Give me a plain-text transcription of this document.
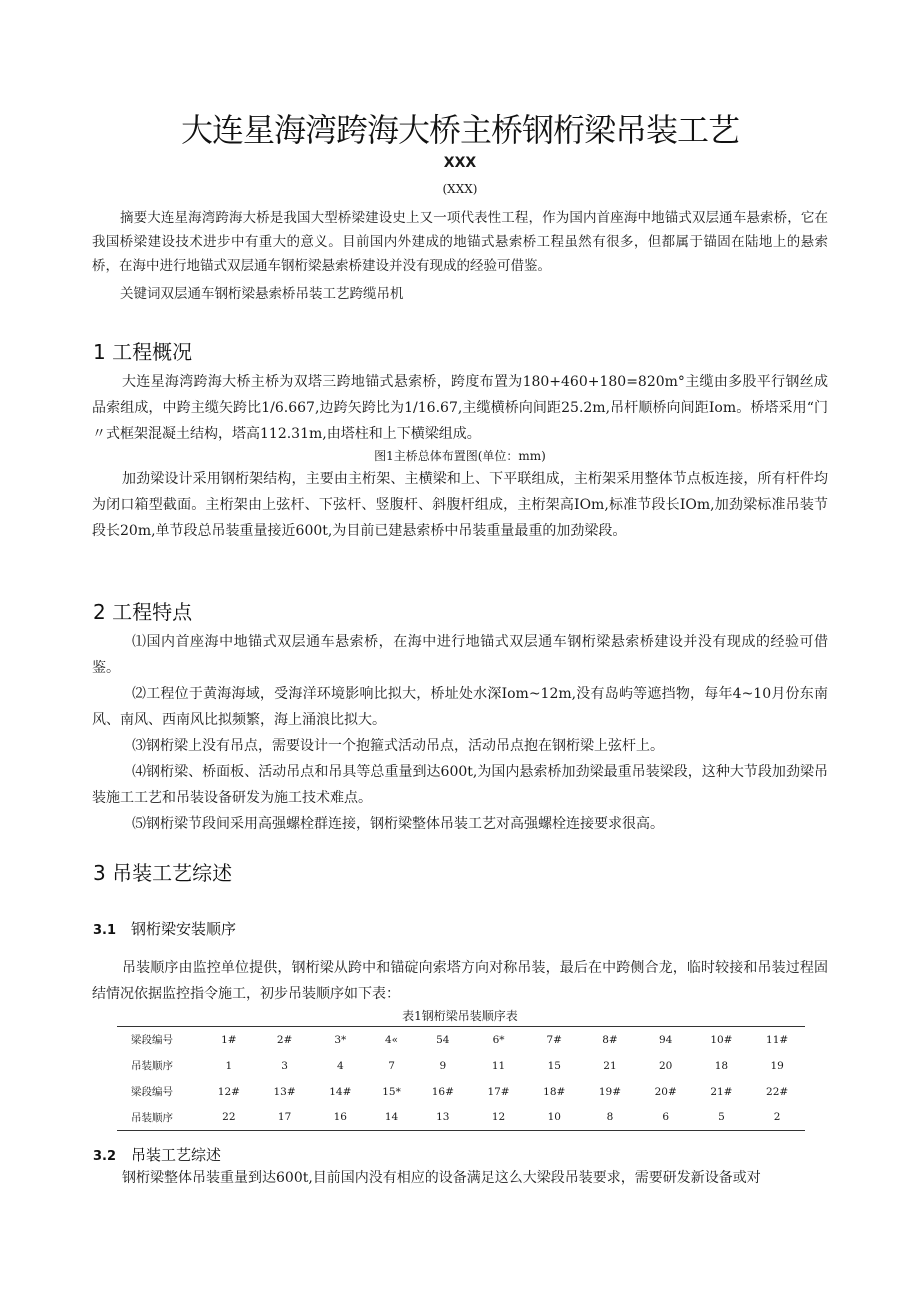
大连星海湾跨海大桥主桥钢桁梁吊装工艺
XXX
(XXX)

摘要大连星海湾跨海大桥是我国大型桥梁建设史上又一项代表性工程，作为国内首座海中地锚式双层通车悬索桥，它在我国桥梁建设技术进步中有重大的意义。目前国内外建成的地锚式悬索桥工程虽然有很多，但都属于锚固在陆地上的悬索桥，在海中进行地锚式双层通车钢桁梁悬索桥建设并没有现成的经验可借鉴。

关键词双层通车钢桁梁悬索桥吊装工艺跨缆吊机

1 工程概况

大连星海湾跨海大桥主桥为双塔三跨地锚式悬索桥，跨度布置为180+460+180=820m°主缆由多股平行钢丝成品索组成，中跨主缆矢跨比1/6.667,边跨矢跨比为1/16.67,主缆横桥向间距25.2m,吊杆顺桥向间距Iom。桥塔采用“门〃式框架混凝土结构，塔高112.31m,由塔柱和上下横梁组成。

图1主桥总体布置图(单位：mm)

加劲梁设计采用钢桁架结构，主要由主桁架、主横梁和上、下平联组成，主桁架采用整体节点板连接，所有杆件均为闭口箱型截面。主桁架由上弦杆、下弦杆、竖腹杆、斜腹杆组成，主桁架高IOm,标准节段长IOm,加劲梁标准吊装节段长20m,单节段总吊装重量接近600t,为目前已建悬索桥中吊装重量最重的加劲梁段。

2 工程特点
⑴国内首座海中地锚式双层通车悬索桥，在海中进行地锚式双层通车钢桁梁悬索桥建设并没有现成的经验可借鉴。
⑵工程位于黄海海域，受海洋环境影响比拟大，桥址处水深Iom~12m,没有岛屿等遮挡物，每年4~10月份东南风、南风、西南风比拟频繁，海上涌浪比拟大。
⑶钢桁梁上没有吊点，需要设计一个抱箍式活动吊点，活动吊点抱在钢桁梁上弦杆上。
⑷钢桁梁、桥面板、活动吊点和吊具等总重量到达600t,为国内悬索桥加劲梁最重吊装梁段，这种大节段加劲梁吊装施工工艺和吊装设备研发为施工技术难点。
⑸钢桁梁节段间采用高强螺栓群连接，钢桁梁整体吊装工艺对高强螺栓连接要求很高。
3 吊装工艺综述
3.1 钢桁梁安装顺序

吊装顺序由监控单位提供，钢桁梁从跨中和锚碇向索塔方向对称吊装，最后在中跨侧合龙，临时较接和吊装过程固结情况依据监控指令施工，初步吊装顺序如下表：

表1钢桁梁吊装顺序表

梁段编号	1#	2#	3*	4«	54	6*	7#	8#	94	10#	11#
吊装顺序	1	3	4	7	9	11	15	21	20	18	19
梁段编号	12#	13#	14#	15*	16#	17#	18#	19#	20#	21#	22#
吊装顺序	22	17	16	14	13	12	10	8	6	5	2
3.2 吊装工艺综述

钢桁梁整体吊装重量到达600t,目前国内没有相应的设备满足这么大梁段吊装要求，需要研发新设备或对
